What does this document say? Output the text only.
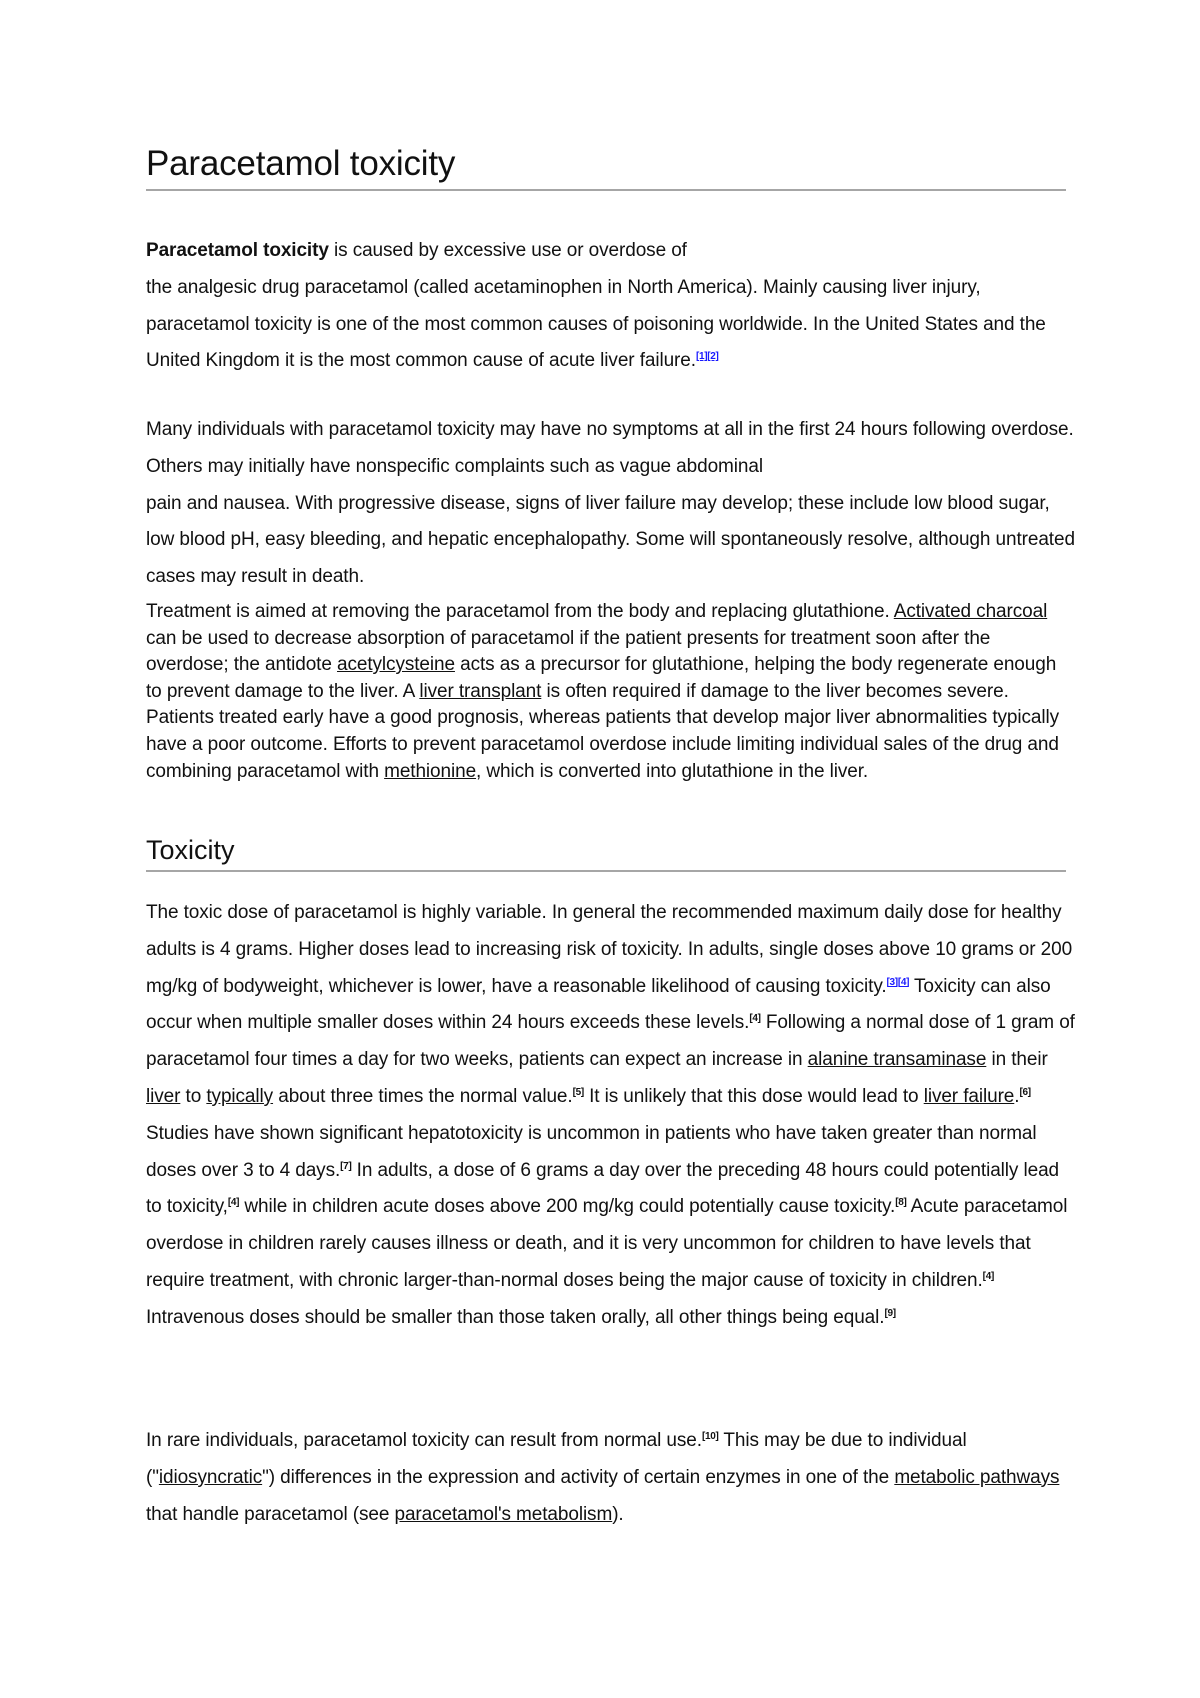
Paracetamol toxicity

Paracetamol toxicity is caused by excessive use or overdose of
the analgesic drug paracetamol (called acetaminophen in North America). Mainly causing liver injury, paracetamol toxicity is one of the most common causes of poisoning worldwide. In the United States and the United Kingdom it is the most common cause of acute liver failure.[1][2]

Many individuals with paracetamol toxicity may have no symptoms at all in the first 24 hours following overdose. Others may initially have nonspecific complaints such as vague abdominal
pain and nausea. With progressive disease, signs of liver failure may develop; these include low blood sugar, low blood pH, easy bleeding, and hepatic encephalopathy. Some will spontaneously resolve, although untreated cases may result in death.

Treatment is aimed at removing the paracetamol from the body and replacing glutathione. Activated charcoal can be used to decrease absorption of paracetamol if the patient presents for treatment soon after the overdose; the antidote acetylcysteine acts as a precursor for glutathione, helping the body regenerate enough to prevent damage to the liver. A liver transplant is often required if damage to the liver becomes severe. Patients treated early have a good prognosis, whereas patients that develop major liver abnormalities typically have a poor outcome. Efforts to prevent paracetamol overdose include limiting individual sales of the drug and combining paracetamol with methionine, which is converted into glutathione in the liver.

Toxicity

The toxic dose of paracetamol is highly variable. In general the recommended maximum daily dose for healthy adults is 4 grams. Higher doses lead to increasing risk of toxicity. In adults, single doses above 10 grams or 200 mg/kg of bodyweight, whichever is lower, have a reasonable likelihood of causing toxicity.[3][4] Toxicity can also occur when multiple smaller doses within 24 hours exceeds these levels.[4] Following a normal dose of 1 gram of paracetamol four times a day for two weeks, patients can expect an increase in alanine transaminase in their liver to typically about three times the normal value.[5] It is unlikely that this dose would lead to liver failure.[6] Studies have shown significant hepatotoxicity is uncommon in patients who have taken greater than normal doses over 3 to 4 days.[7] In adults, a dose of 6 grams a day over the preceding 48 hours could potentially lead to toxicity,[4] while in children acute doses above 200 mg/kg could potentially cause toxicity.[8] Acute paracetamol overdose in children rarely causes illness or death, and it is very uncommon for children to have levels that require treatment, with chronic larger-than-normal doses being the major cause of toxicity in children.[4] Intravenous doses should be smaller than those taken orally, all other things being equal.[9]

In rare individuals, paracetamol toxicity can result from normal use.[10] This may be due to individual ("idiosyncratic") differences in the expression and activity of certain enzymes in one of the metabolic pathways that handle paracetamol (see paracetamol's metabolism).
